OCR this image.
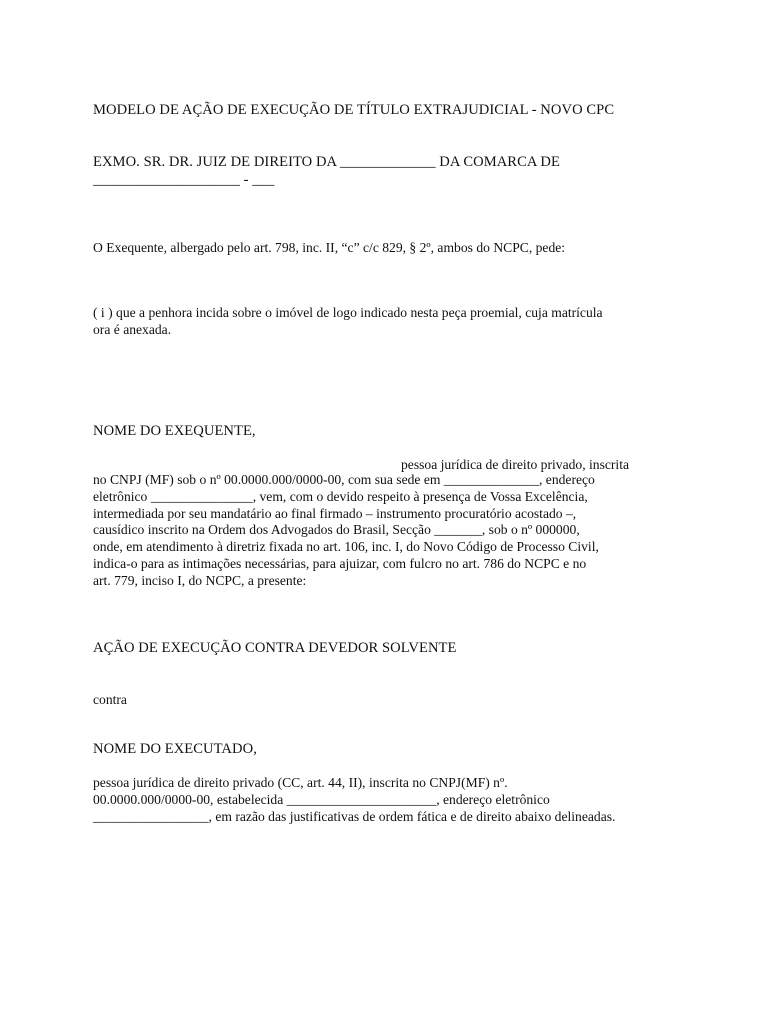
MODELO DE AÇÃO DE EXECUÇÃO DE TÍTULO EXTRAJUDICIAL - NOVO CPC

EXMO. SR. DR. JUIZ DE DIREITO DA _____________ DA COMARCA DE

____________________ - ___

O Exequente, albergado pelo art. 798, inc. II, “c” c/c 829, § 2º, ambos do NCPC, pede:

( i ) que a penhora incida sobre o imóvel de logo indicado nesta peça proemial, cuja matrícula
ora é anexada.

NOME DO EXEQUENTE,

pessoa jurídica de direito privado, inscrita

no CNPJ (MF) sob o nº 00.0000.000/0000-00, com sua sede em ______________, endereço
eletrônico _______________, vem, com o devido respeito à presença de Vossa Excelência,
intermediada por seu mandatário ao final firmado – instrumento procuratório acostado –,
causídico inscrito na Ordem dos Advogados do Brasil, Secção _______, sob o nº 000000,
onde, em atendimento à diretriz fixada no art. 106, inc. I, do Novo Código de Processo Civil,
indica-o para as intimações necessárias, para ajuizar, com fulcro no art. 786 do NCPC e no
art. 779, inciso I, do NCPC, a presente:

AÇÃO DE EXECUÇÃO CONTRA DEVEDOR SOLVENTE

contra

NOME DO EXECUTADO,

pessoa jurídica de direito privado (CC, art. 44, II), inscrita no CNPJ(MF) nº.
00.0000.000/0000-00, estabelecida ______________________, endereço eletrônico
_________________, em razão das justificativas de ordem fática e de direito abaixo delineadas.
